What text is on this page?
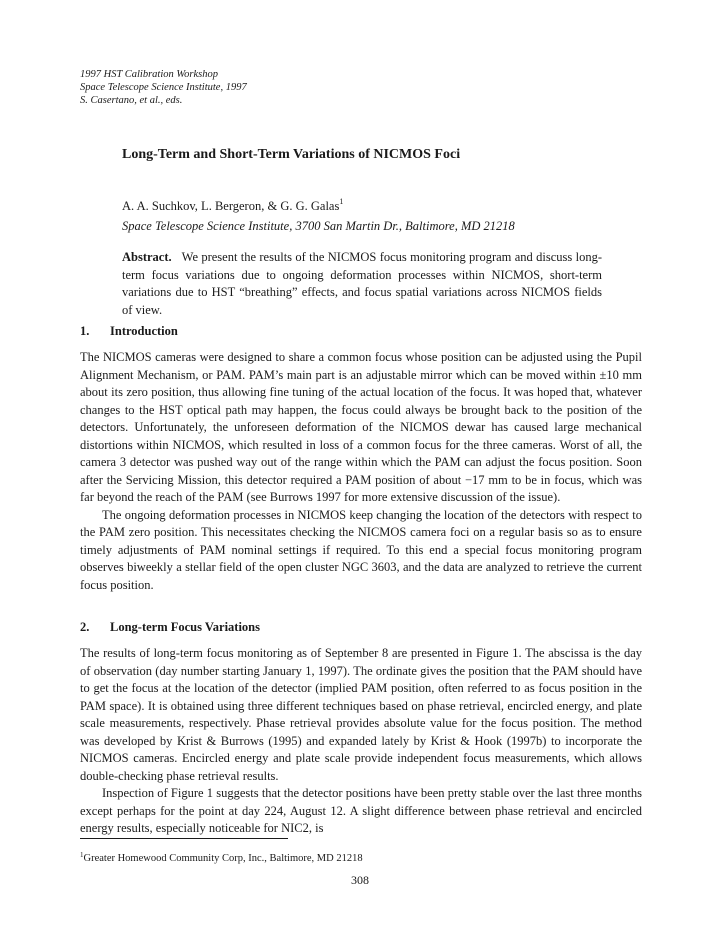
1997 HST Calibration Workshop
Space Telescope Science Institute, 1997
S. Casertano, et al., eds.
Long-Term and Short-Term Variations of NICMOS Foci
A. A. Suchkov, L. Bergeron, & G. G. Galas$^1$
Space Telescope Science Institute, 3700 San Martin Dr., Baltimore, MD 21218
Abstract. We present the results of the NICMOS focus monitoring program and discuss long-term focus variations due to ongoing deformation processes within NICMOS, short-term variations due to HST “breathing” effects, and focus spatial variations across NICMOS fields of view.
1. Introduction

The NICMOS cameras were designed to share a common focus whose position can be adjusted using the Pupil Alignment Mechanism, or PAM. PAM’s main part is an adjustable mirror which can be moved within ±10 mm about its zero position, thus allowing fine tuning of the actual location of the focus. It was hoped that, whatever changes to the HST optical path may happen, the focus could always be brought back to the position of the detectors. Unfortunately, the unforeseen deformation of the NICMOS dewar has caused large mechanical distortions within NICMOS, which resulted in loss of a common focus for the three cameras. Worst of all, the camera 3 detector was pushed way out of the range within which the PAM can adjust the focus position. Soon after the Servicing Mission, this detector required a PAM position of about −17 mm to be in focus, which was far beyond the reach of the PAM (see Burrows 1997 for more extensive discussion of the issue).

The ongoing deformation processes in NICMOS keep changing the location of the detectors with respect to the PAM zero position. This necessitates checking the NICMOS camera foci on a regular basis so as to ensure timely adjustments of PAM nominal settings if required. To this end a special focus monitoring program observes biweekly a stellar field of the open cluster NGC 3603, and the data are analyzed to retrieve the current focus position.

2. Long-term Focus Variations

The results of long-term focus monitoring as of September 8 are presented in Figure 1. The abscissa is the day of observation (day number starting January 1, 1997). The ordinate gives the position that the PAM should have to get the focus at the location of the detector (implied PAM position, often referred to as focus position in the PAM space). It is obtained using three different techniques based on phase retrieval, encircled energy, and plate scale measurements, respectively. Phase retrieval provides absolute value for the focus position. The method was developed by Krist & Burrows (1995) and expanded lately by Krist & Hook (1997b) to incorporate the NICMOS cameras. Encircled energy and plate scale provide independent focus measurements, which allows double-checking phase retrieval results.

Inspection of Figure 1 suggests that the detector positions have been pretty stable over the last three months except perhaps for the point at day 224, August 12. A slight difference between phase retrieval and encircled energy results, especially noticeable for NIC2, is

$^1$Greater Homewood Community Corp, Inc., Baltimore, MD 21218
308
